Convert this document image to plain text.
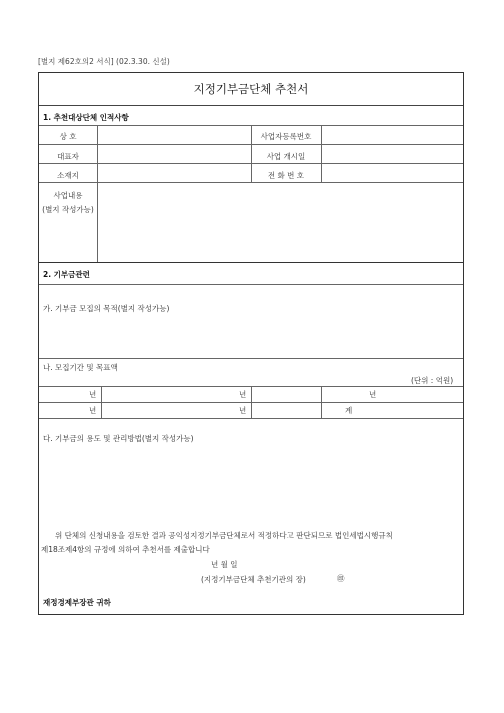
[별지 제62호의2 서식] (02.3.30. 신설)
지정기부금단체 추천서
1. 추천대상단체 인적사항
상 호	사업자등록번호
대표자	사업 개시일
소재지	전 화 번 호
사업내용
(별지 작성가능)
2. 기부금관련
가. 기부금 모집의 목적(별지 작성가능)
나. 모집기간 및 목표액
(단위 : 억원)
년	년	년
년	년	계
다. 기부금의 용도 및 관리방법(별지 작성가능)
위 단체의 신청내용을 검토한 결과 공익성지정기부금단체로서 적정하다고 판단되므로 법인세법시행규칙
제18조제4항의 규정에 의하여 추천서를 제출합니다
년 월 일
(지정기부금단체 추천기관의 장)	㊞
재정경제부장관 귀하
